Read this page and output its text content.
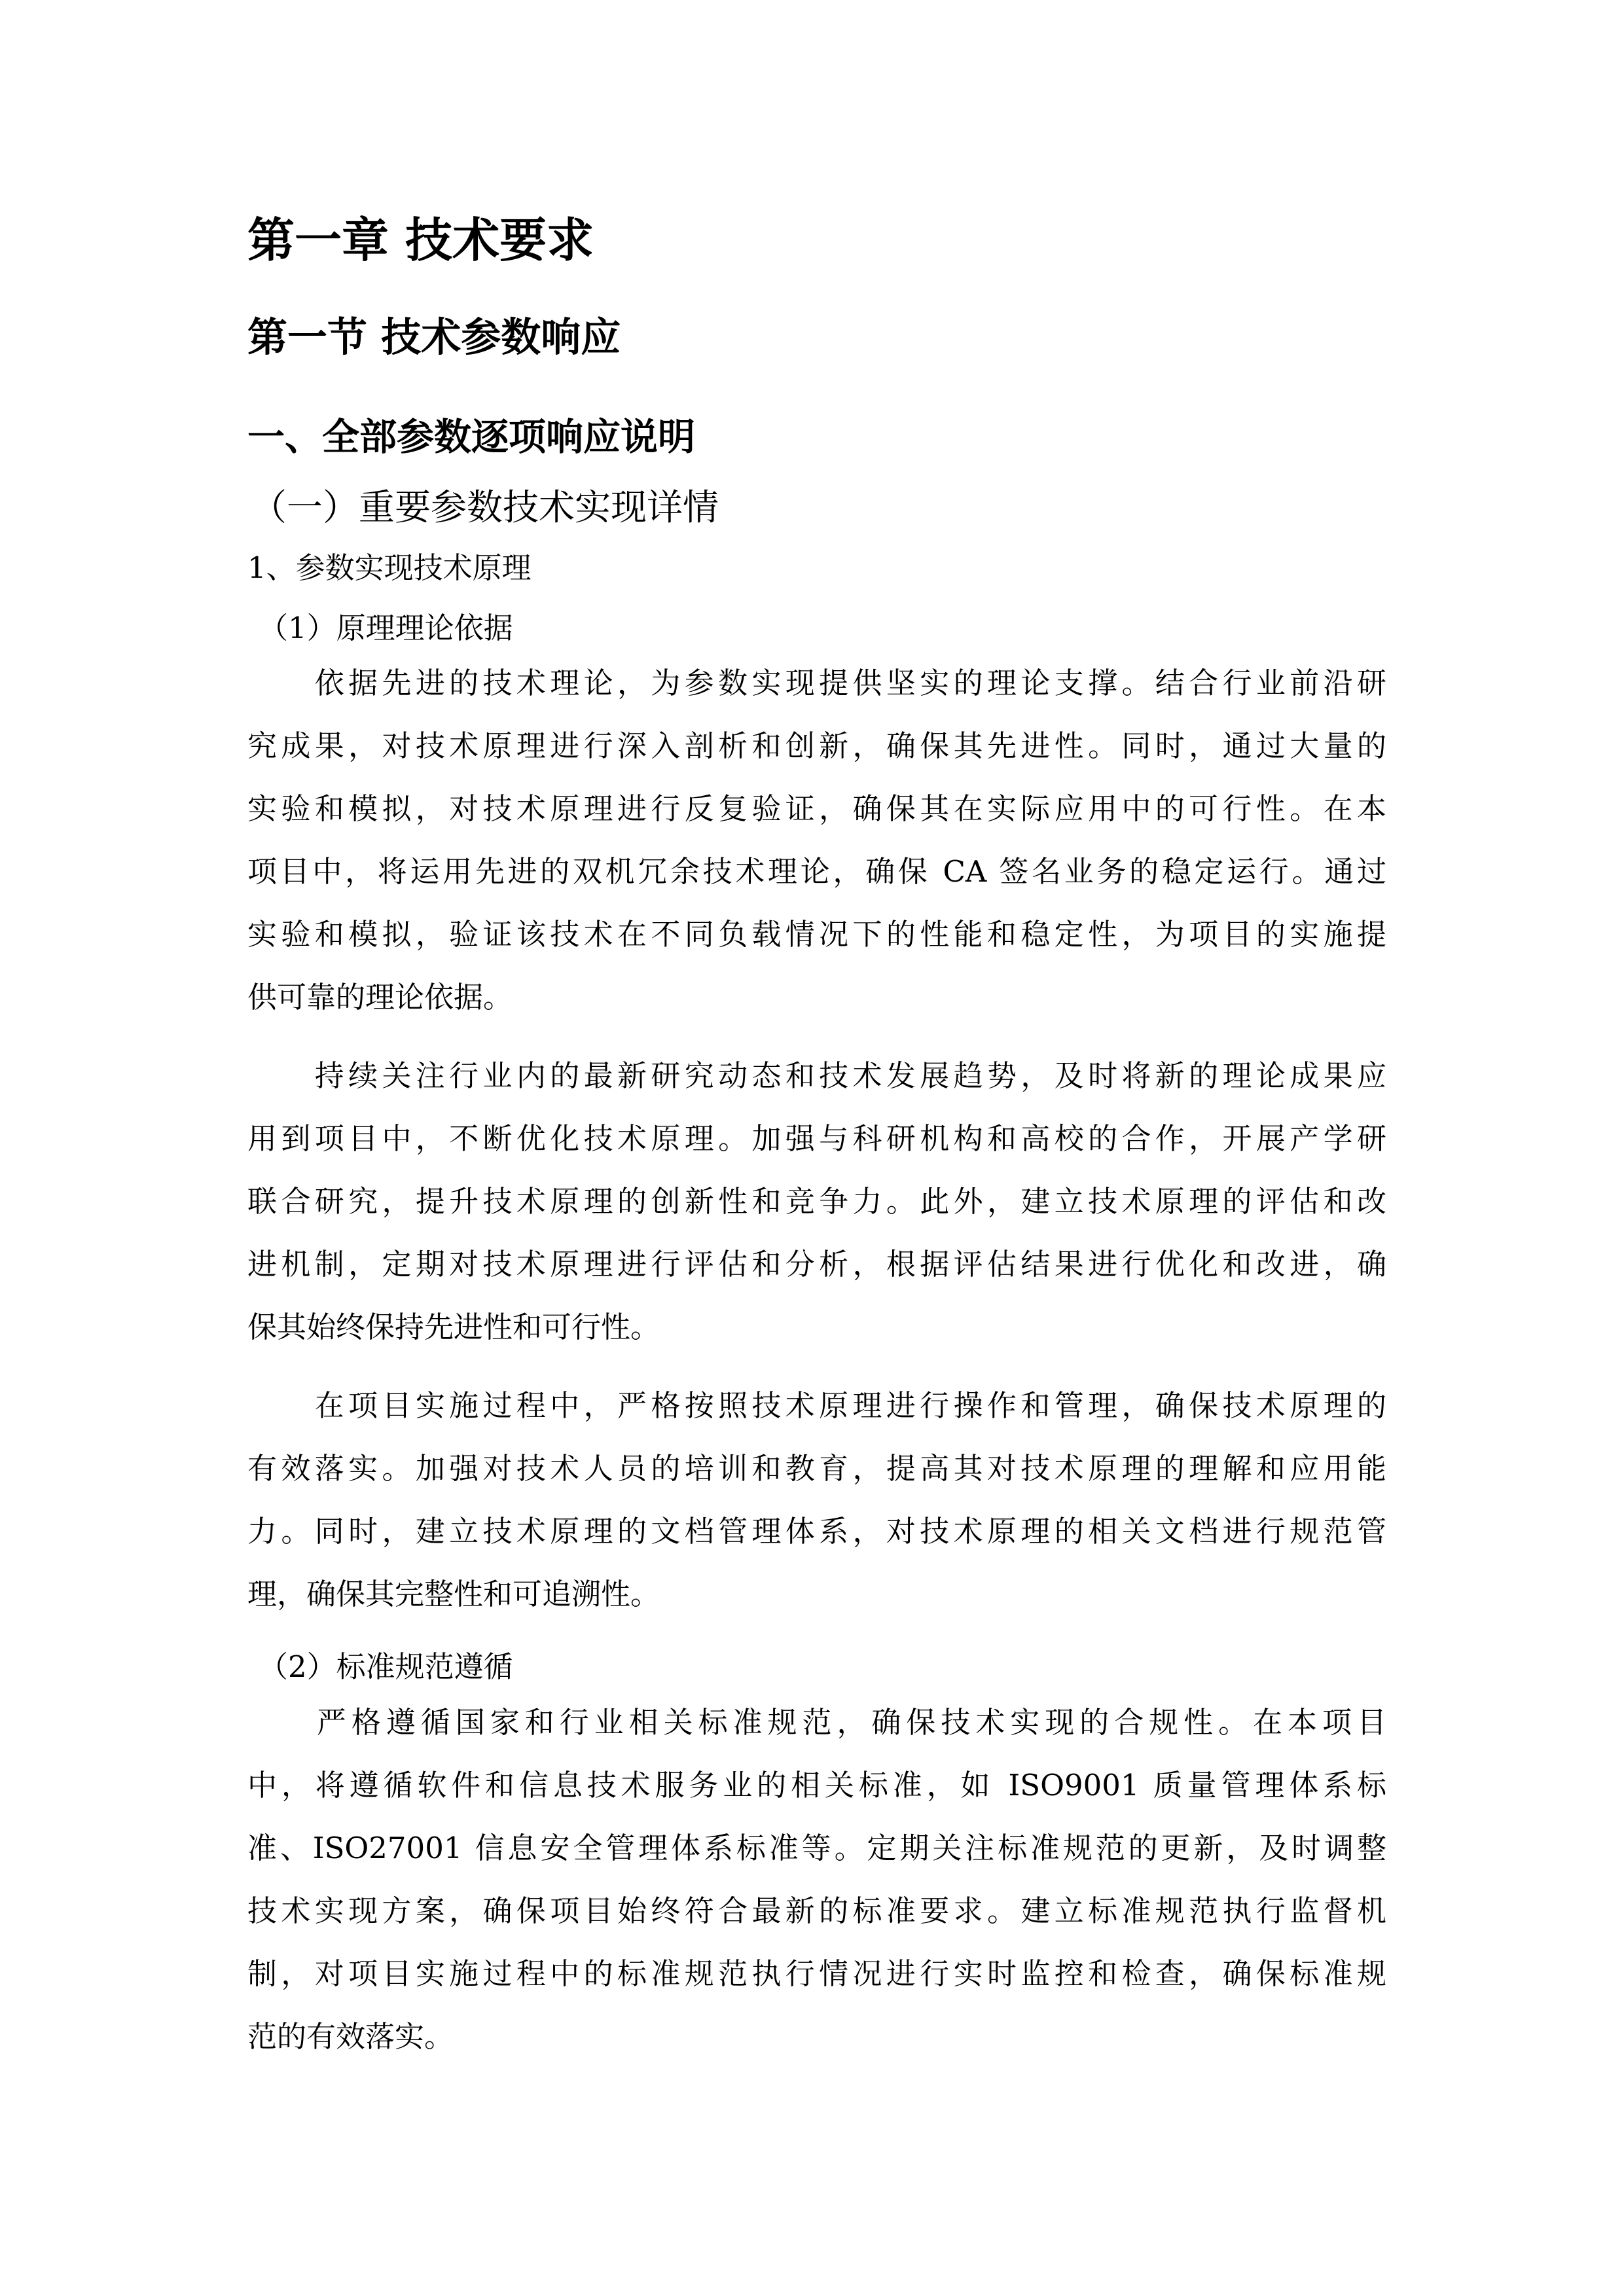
第一章 技术要求
第一节 技术参数响应
一、全部参数逐项响应说明
（一）重要参数技术实现详情
1、参数实现技术原理
（1）原理理论依据
　　依据先进的技术理论，为参数实现提供坚实的理论支撑。结合行业前沿研
究成果，对技术原理进行深入剖析和创新，确保其先进性。同时，通过大量的
实验和模拟，对技术原理进行反复验证，确保其在实际应用中的可行性。在本
项目中，将运用先进的双机冗余技术理论，确保 CA 签名业务的稳定运行。通过
实验和模拟，验证该技术在不同负载情况下的性能和稳定性，为项目的实施提
供可靠的理论依据。
　　持续关注行业内的最新研究动态和技术发展趋势，及时将新的理论成果应
用到项目中，不断优化技术原理。加强与科研机构和高校的合作，开展产学研
联合研究，提升技术原理的创新性和竞争力。此外，建立技术原理的评估和改
进机制，定期对技术原理进行评估和分析，根据评估结果进行优化和改进，确
保其始终保持先进性和可行性。
　　在项目实施过程中，严格按照技术原理进行操作和管理，确保技术原理的
有效落实。加强对技术人员的培训和教育，提高其对技术原理的理解和应用能
力。同时，建立技术原理的文档管理体系，对技术原理的相关文档进行规范管
理，确保其完整性和可追溯性。
（2）标准规范遵循
　　严格遵循国家和行业相关标准规范，确保技术实现的合规性。在本项目
中，将遵循软件和信息技术服务业的相关标准，如 ISO9001 质量管理体系标
准、ISO27001 信息安全管理体系标准等。定期关注标准规范的更新，及时调整
技术实现方案，确保项目始终符合最新的标准要求。建立标准规范执行监督机
制，对项目实施过程中的标准规范执行情况进行实时监控和检查，确保标准规
范的有效落实。
